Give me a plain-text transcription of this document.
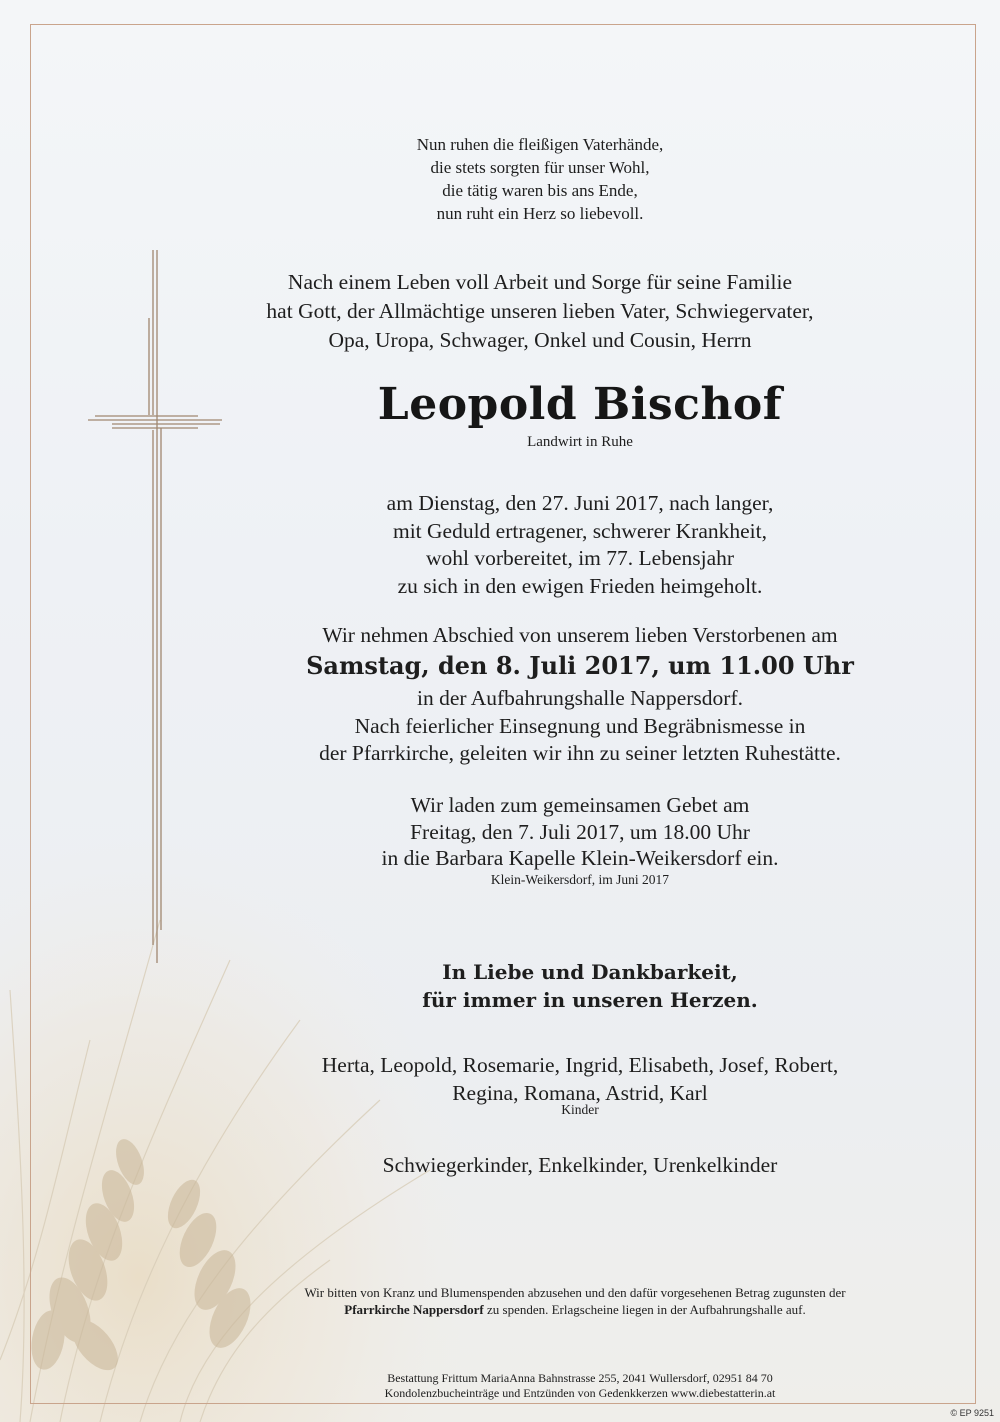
Nun ruhen die fleißigen Vaterhände,
die stets sorgten für unser Wohl,
die tätig waren bis ans Ende,
nun ruht ein Herz so liebevoll.
Nach einem Leben voll Arbeit und Sorge für seine Familie
hat Gott, der Allmächtige unseren lieben Vater, Schwiegervater,
Opa, Uropa, Schwager, Onkel und Cousin, Herrn
Leopold Bischof
Landwirt in Ruhe
am Dienstag, den 27. Juni 2017, nach langer,
mit Geduld ertragener, schwerer Krankheit,
wohl vorbereitet, im 77. Lebensjahr
zu sich in den ewigen Frieden heimgeholt.
Wir nehmen Abschied von unserem lieben Verstorbenen am
Samstag, den 8. Juli 2017, um 11.00 Uhr
in der Aufbahrungshalle Nappersdorf.
Nach feierlicher Einsegnung und Begräbnismesse in
der Pfarrkirche, geleiten wir ihn zu seiner letzten Ruhestätte.
Wir laden zum gemeinsamen Gebet am
Freitag, den 7. Juli 2017, um 18.00 Uhr
in die Barbara Kapelle Klein-Weikersdorf ein.
Klein-Weikersdorf, im Juni 2017
In Liebe und Dankbarkeit,
für immer in unseren Herzen.
Herta, Leopold, Rosemarie, Ingrid, Elisabeth, Josef, Robert,
Regina, Romana, Astrid, Karl
Kinder
Schwiegerkinder, Enkelkinder, Urenkelkinder
Wir bitten von Kranz und Blumenspenden abzusehen und den dafür vorgesehenen Betrag zugunsten der
Pfarrkirche Nappersdorf zu spenden. Erlagscheine liegen in der Aufbahrungshalle auf.
Bestattung Frittum MariaAnna Bahnstrasse 255, 2041 Wullersdorf, 02951 84 70
Kondolenzbucheinträge und Entzünden von Gedenkkerzen www.diebestatterin.at
© EP 9251
